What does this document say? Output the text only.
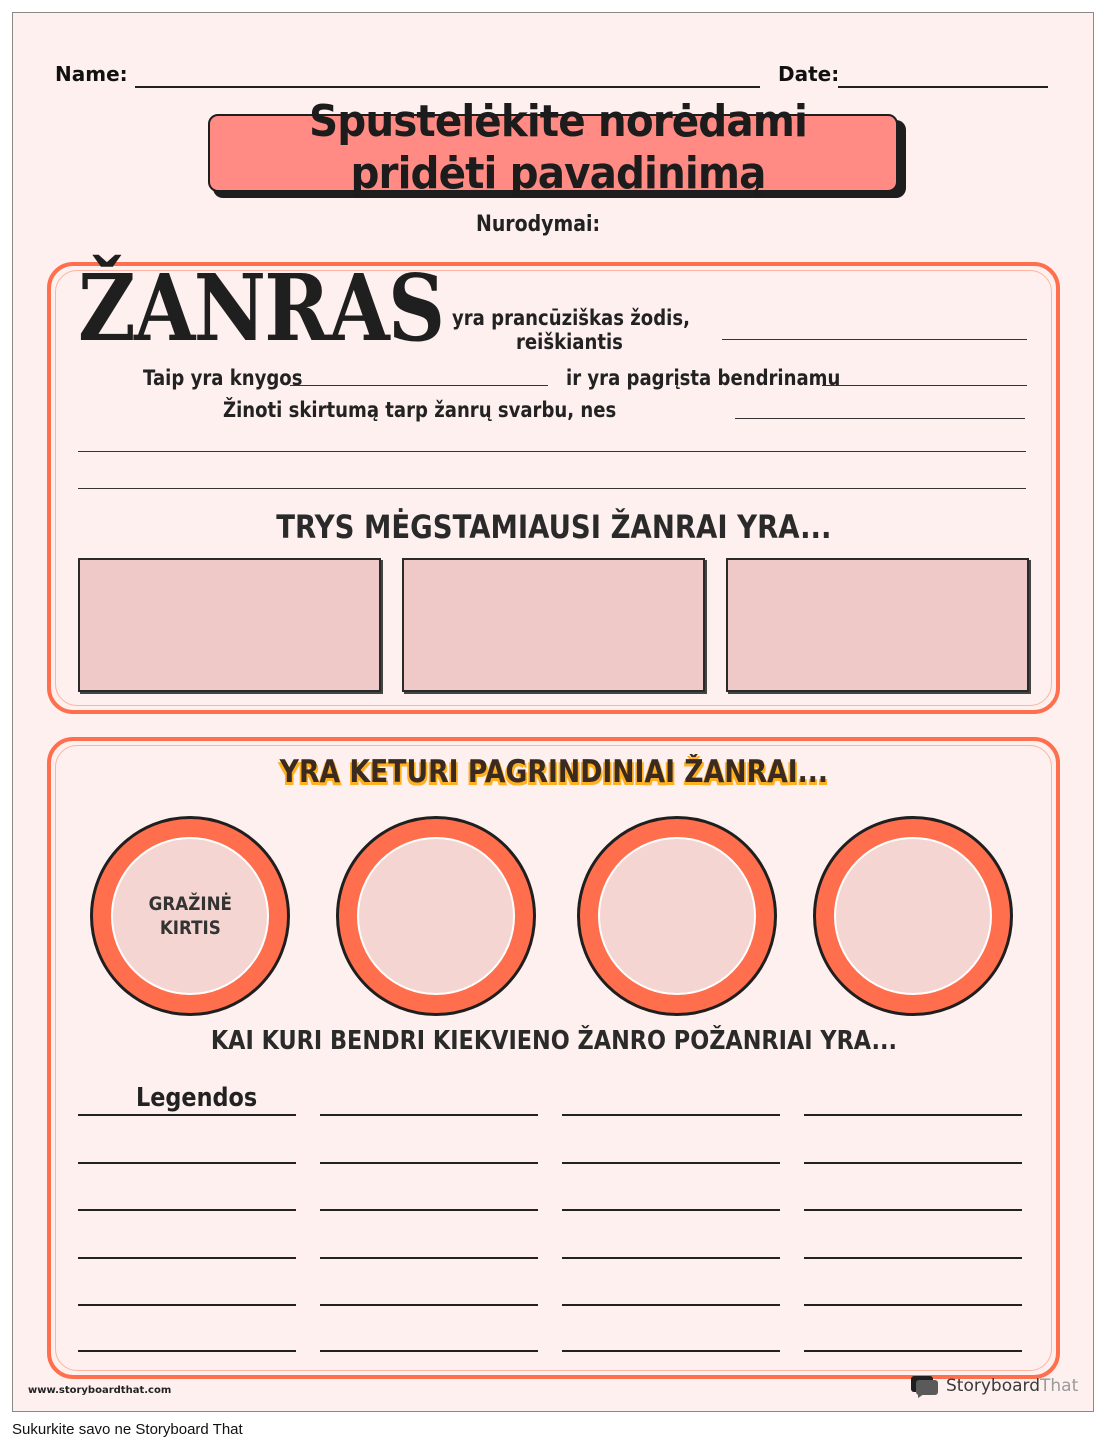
Name:	Date:
Spustelėkite norėdami pridėti pavadinimą
Nurodymai:
ŽANRAS yra prancūziškas žodis,
reiškiantis
Taip yra knygos	ir yra pagrįsta bendrinamu
Žinoti skirtumą tarp žanrų svarbu, nes
TRYS MĖGSTAMIAUSI ŽANRAI YRA...
YRA KETURI PAGRINDINIAI ŽANRAI...
GRAŽINĖ
KIRTIS
KAI KURI BENDRI KIEKVIENO ŽANRO POŽANRIAI YRA...
Legendos
www.storyboardthat.com	StoryboardThat
Sukurkite savo ne Storyboard That
